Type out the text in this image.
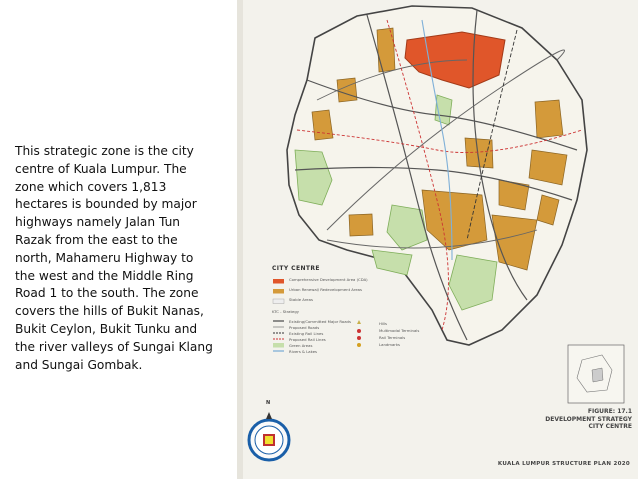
This strategic zone is the city
centre of Kuala Lumpur. The
zone which covers 1,813
hectares is bounded by major
highways namely Jalan Tun
Razak from the east to the
north, Mahameru Highway to
the west and the Middle Ring
Road 1 to the south. The zone
covers the hills of Bukit Nanas,
Bukit Ceylon, Bukit Tunku and
the river valleys of Sungai Klang
and Sungai Gombak.
CITY CENTRE
Comprehensive Development Area (CDA)
Urban Renewal/ Redevelopment Areas
Stable Areas
KTC - Strategy
Existing/Committed Major Roads
Proposed Roads
Existing Rail Lines
Proposed Rail Lines
Green Areas
Rivers & Lakes
Hills
Multimodal Terminals
Rail Terminals
Landmarks
N
FIGURE: 17.1
DEVELOPMENT STRATEGY
CITY CENTRE
KUALA LUMPUR STRUCTURE PLAN 2020
